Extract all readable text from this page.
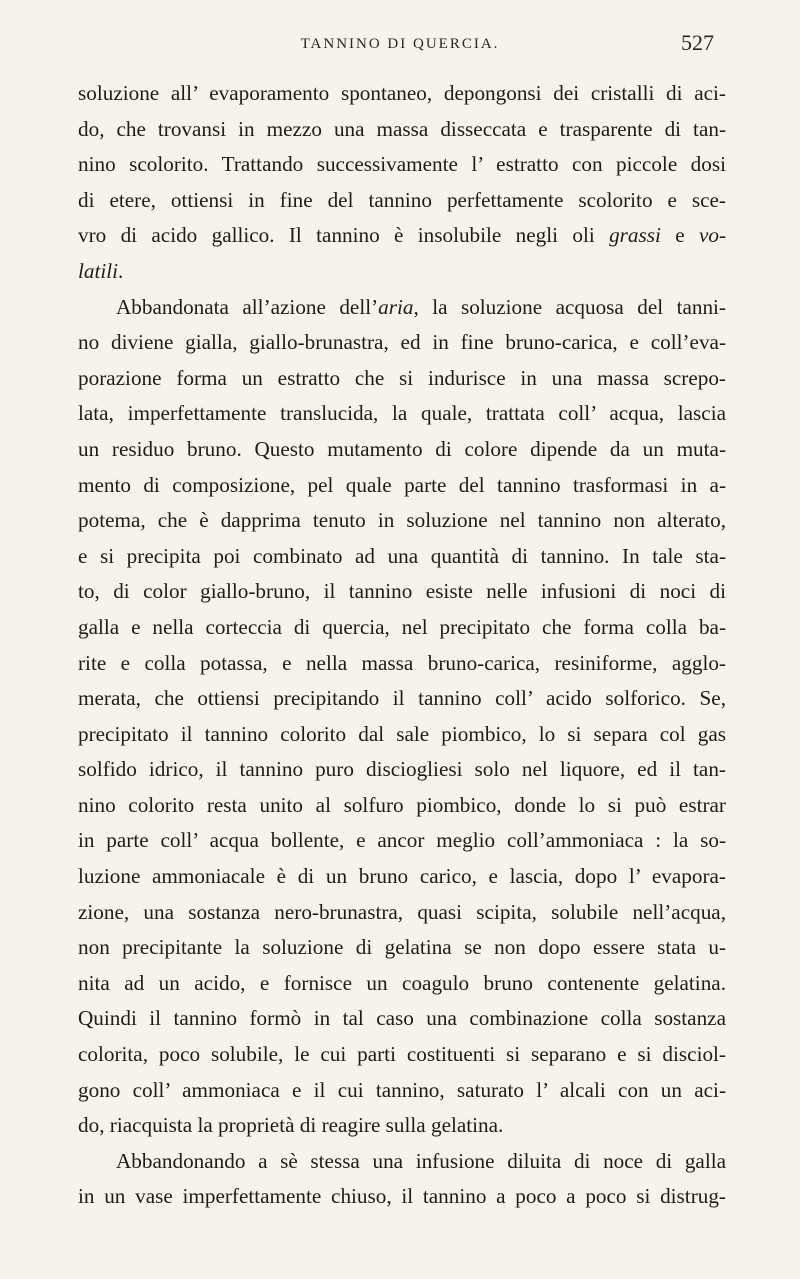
TANNINO DI QUERCIA.	527
soluzione all’ evaporamento spontaneo, depongonsi dei cristalli di aci-
do, che trovansi in mezzo una massa disseccata e trasparente di tan-
nino scolorito. Trattando successivamente l’ estratto con piccole dosi
di etere, ottiensi in fine del tannino perfettamente scolorito e sce-
vro di acido gallico. Il tannino è insolubile negli oli grassi e vo-
latili.
Abbandonata all’azione dell’aria, la soluzione acquosa del tanni-
no diviene gialla, giallo-brunastra, ed in fine bruno-carica, e coll’eva-
porazione forma un estratto che si indurisce in una massa screpo-
lata, imperfettamente translucida, la quale, trattata coll’ acqua, lascia
un residuo bruno. Questo mutamento di colore dipende da un muta-
mento di composizione, pel quale parte del tannino trasformasi in a-
potema, che è dapprima tenuto in soluzione nel tannino non alterato,
e si precipita poi combinato ad una quantità di tannino. In tale sta-
to, di color giallo-bruno, il tannino esiste nelle infusioni di noci di
galla e nella corteccia di quercia, nel precipitato che forma colla ba-
rite e colla potassa, e nella massa bruno-carica, resiniforme, agglo-
merata, che ottiensi precipitando il tannino coll’ acido solforico. Se,
precipitato il tannino colorito dal sale piombico, lo si separa col gas
solfido idrico, il tannino puro disciogliesi solo nel liquore, ed il tan-
nino colorito resta unito al solfuro piombico, donde lo si può estrar
in parte coll’ acqua bollente, e ancor meglio coll’ammoniaca : la so-
luzione ammoniacale è di un bruno carico, e lascia, dopo l’ evapora-
zione, una sostanza nero-brunastra, quasi scipita, solubile nell’acqua,
non precipitante la soluzione di gelatina se non dopo essere stata u-
nita ad un acido, e fornisce un coagulo bruno contenente gelatina.
Quindi il tannino formò in tal caso una combinazione colla sostanza
colorita, poco solubile, le cui parti costituenti si separano e si disciol-
gono coll’ ammoniaca e il cui tannino, saturato l’ alcali con un aci-
do, riacquista la proprietà di reagire sulla gelatina.
Abbandonando a sè stessa una infusione diluita di noce di galla
in un vase imperfettamente chiuso, il tannino a poco a poco si distrug-
